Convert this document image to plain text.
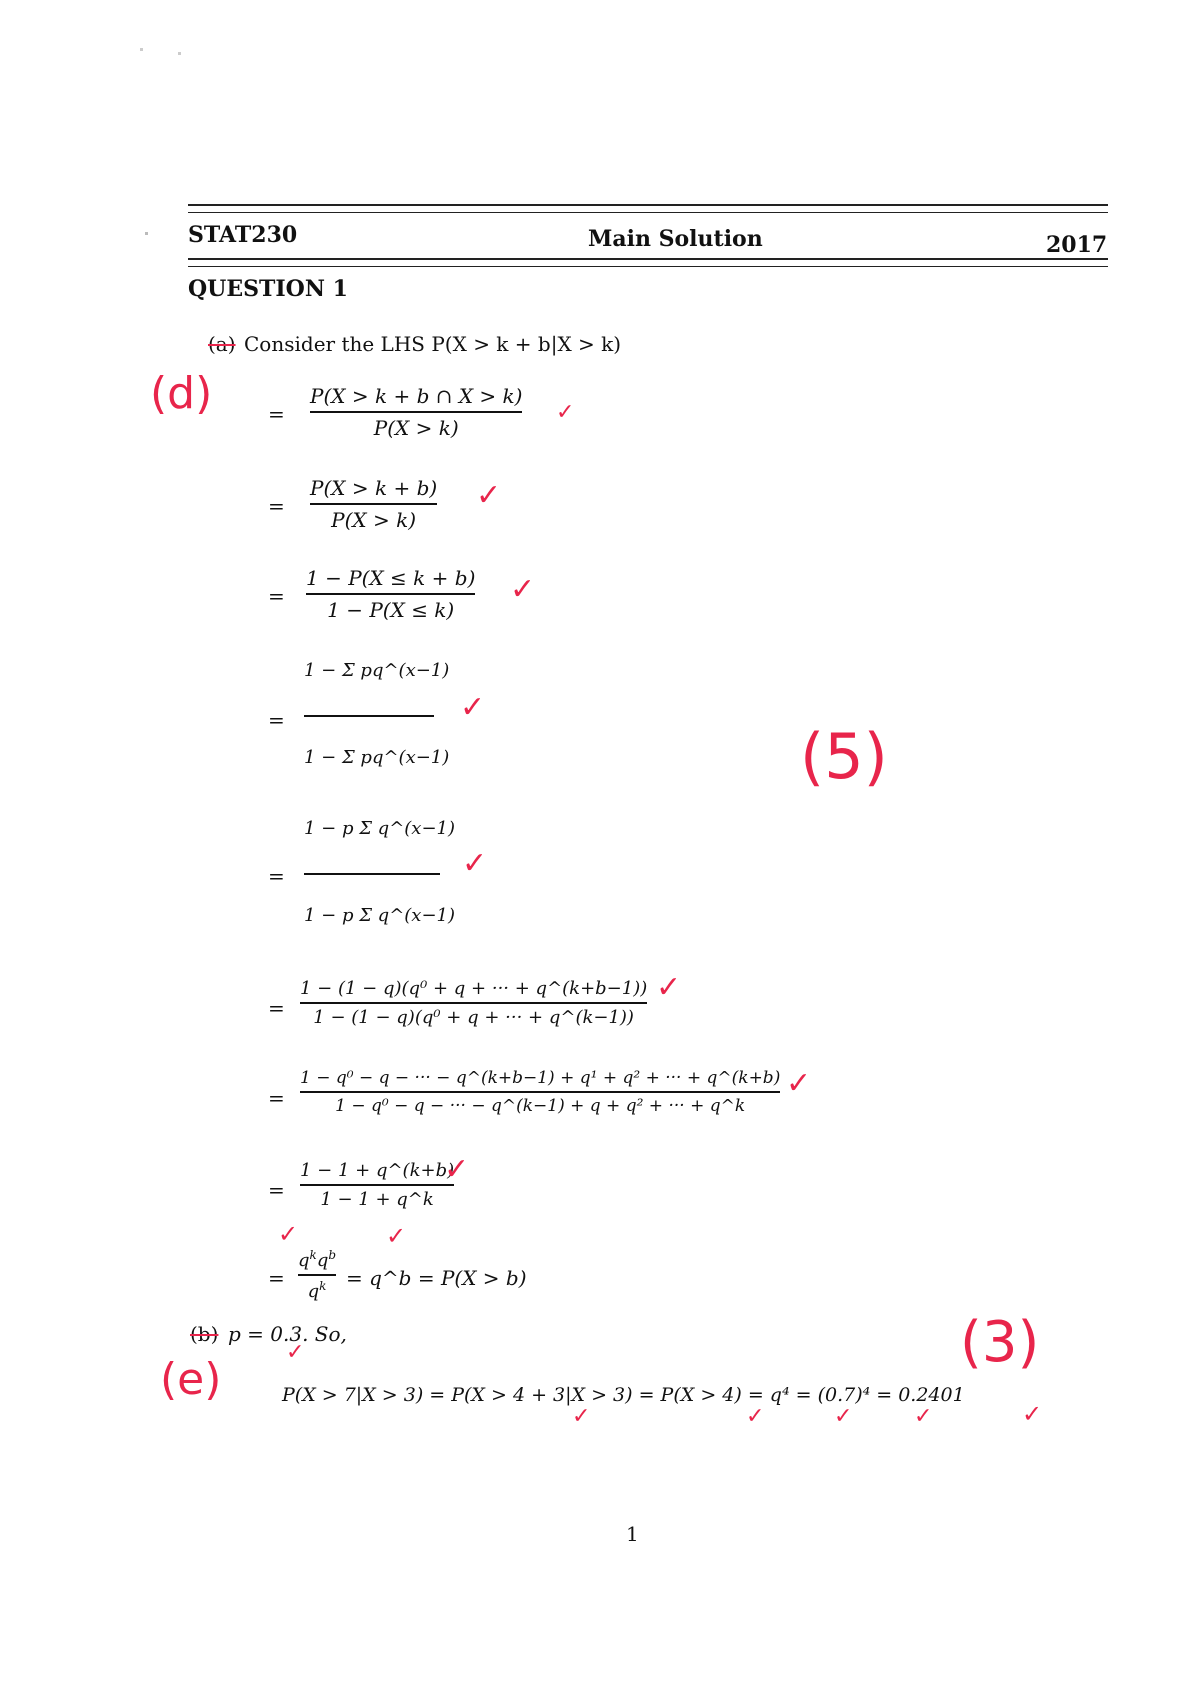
STAT230	Main Solution	2017
QUESTION 1
(a) Consider the LHS P(X > k + b|X > k)
=
P(X > k + b ∩ X > k)
P(X > k)
=
P(X > k + b)
P(X > k)
=
1 − P(X ≤ k + b)
1 − P(X ≤ k)
=
1 − Σ pq^(x−1)
1 − Σ pq^(x−1)
=
1 − p Σ q^(x−1)
1 − p Σ q^(x−1)
=
1 − (1 − q)(q⁰ + q + ··· + q^(k+b−1))
1 − (1 − q)(q⁰ + q + ··· + q^(k−1))
=
1 − q⁰ − q − ··· − q^(k+b−1) + q¹ + q² + ··· + q^(k+b)
1 − q⁰ − q − ··· − q^(k−1) + q + q² + ··· + q^k
=
1 − 1 + q^(k+b)
1 − 1 + q^k
=
$q^kq^b$
$q^k$ = q^b = P(X > b)
(b) p = 0.3. So,
P(X > 7|X > 3) = P(X > 4 + 3|X > 3) = P(X > 4) = q⁴ = (0.7)⁴ = 0.2401
1
(d)
(e)
(5)
(3)
✓
✓
✓
✓
✓
✓
✓
✓
✓	✓
✓
✓	✓	✓	✓	✓
